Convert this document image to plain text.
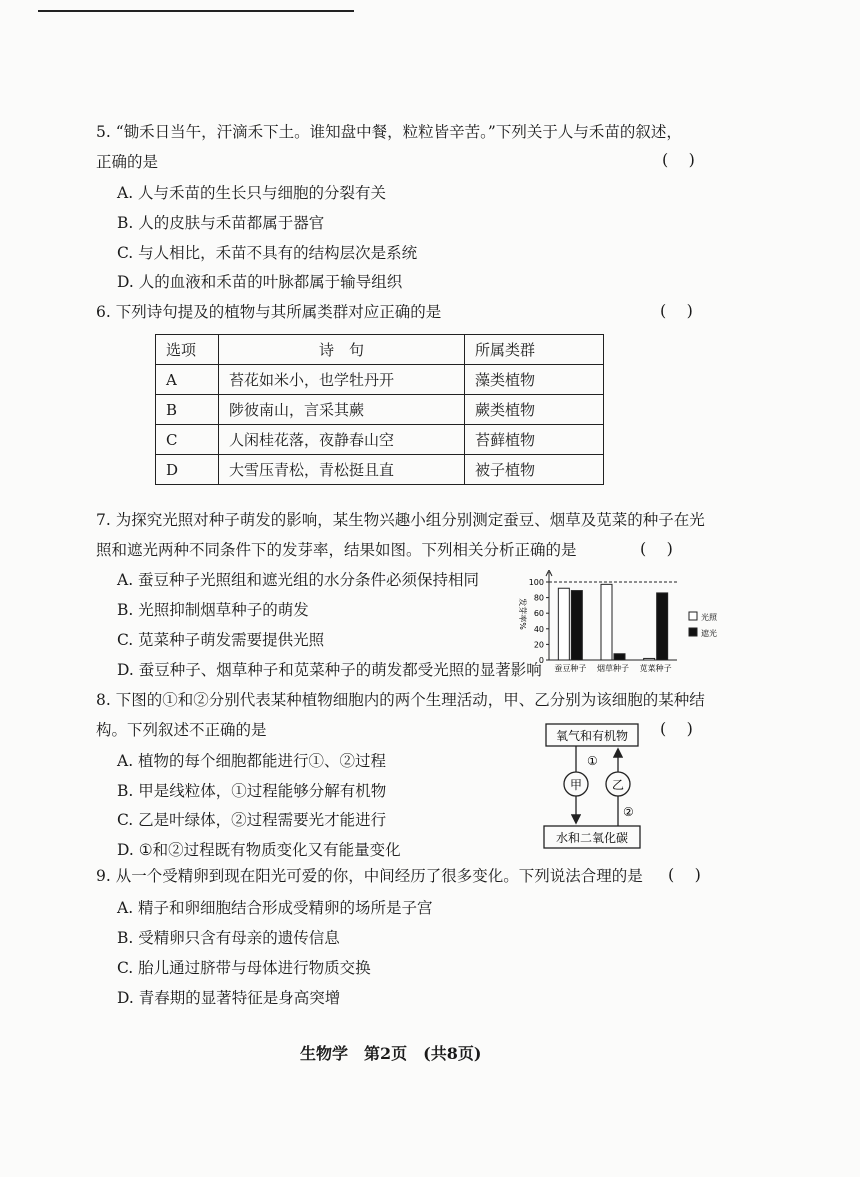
5. “锄禾日当午，汗滴禾下土。谁知盘中餐，粒粒皆辛苦。”下列关于人与禾苗的叙述，
正确的是	(    )
A. 人与禾苗的生长只与细胞的分裂有关
B. 人的皮肤与禾苗都属于器官
C. 与人相比，禾苗不具有的结构层次是系统
D. 人的血液和禾苗的叶脉都属于输导组织
6. 下列诗句提及的植物与其所属类群对应正确的是	(    )
选项	诗　句	所属类群
A	苔花如米小，也学牡丹开	藻类植物
B	陟彼南山，言采其蕨	蕨类植物
C	人闲桂花落，夜静春山空	苔藓植物
D	大雪压青松，青松挺且直	被子植物
7. 为探究光照对种子萌发的影响，某生物兴趣小组分别测定蚕豆、烟草及苋菜的种子在光
照和遮光两种不同条件下的发芽率，结果如图。下列相关分析正确的是	(    )
A. 蚕豆种子光照组和遮光组的水分条件必须保持相同
B. 光照抑制烟草种子的萌发
C. 苋菜种子萌发需要提供光照
D. 蚕豆种子、烟草种子和苋菜种子的萌发都受光照的显著影响
发芽率%
0
20
40
60
80
100
蚕豆种子 烟草种子 苋菜种子
光照
遮光
8. 下图的①和②分别代表某种植物细胞内的两个生理活动，甲、乙分别为该细胞的某种结
构。下列叙述不正确的是	(    )
A. 植物的每个细胞都能进行①、②过程
B. 甲是线粒体，①过程能够分解有机物
C. 乙是叶绿体，②过程需要光才能进行
D. ①和②过程既有物质变化又有能量变化
氧气和有机物
水和二氧化碳
甲 乙
①
②
9. 从一个受精卵到现在阳光可爱的你，中间经历了很多变化。下列说法合理的是 (    )
A. 精子和卵细胞结合形成受精卵的场所是子宫
B. 受精卵只含有母亲的遗传信息
C. 胎儿通过脐带与母体进行物质交换
D. 青春期的显著特征是身高突增
生物学　第2页　(共8页)
